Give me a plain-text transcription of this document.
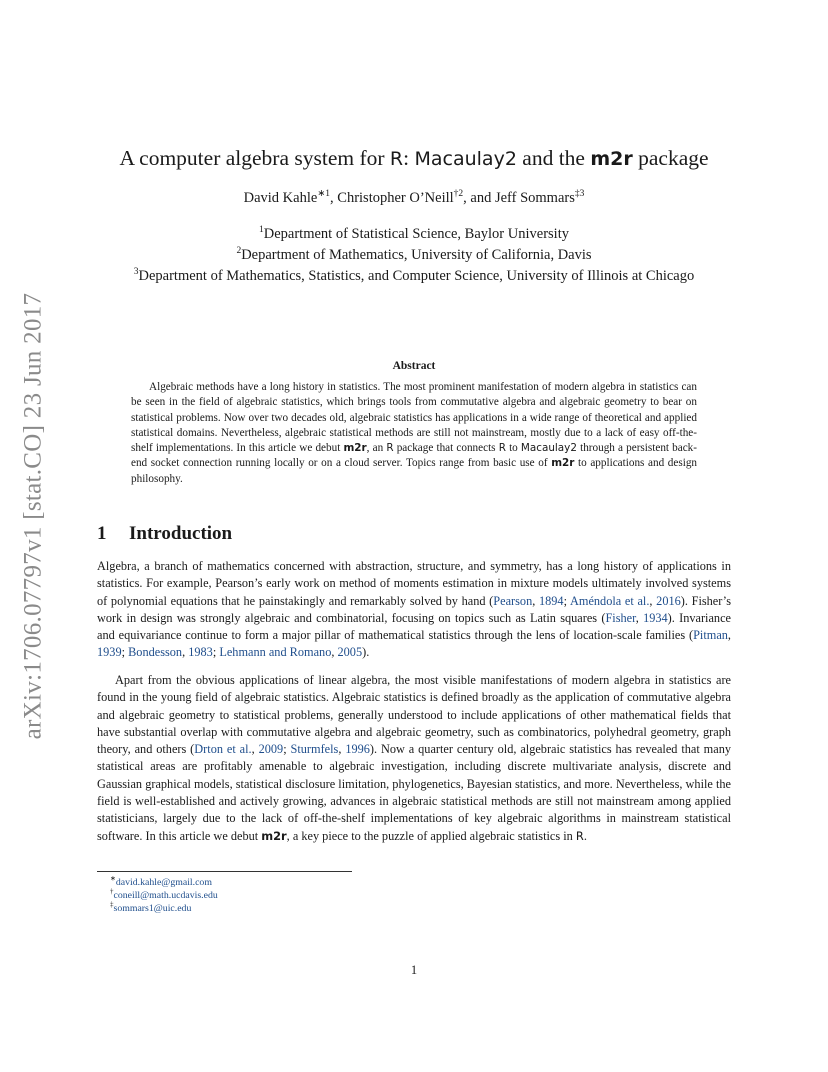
arXiv:1706.07797v1 [stat.CO] 23 Jun 2017
A computer algebra system for R: Macaulay2 and the m2r package
David Kahle$^{∗1}$, Christopher O’Neill$^{\dagger 2}$, and Jeff Sommars$^{\ddagger 3}$
$^1$Department of Statistical Science, Baylor University
$^2$Department of Mathematics, University of California, Davis
$^3$Department of Mathematics, Statistics, and Computer Science, University of Illinois at Chicago
Abstract
Algebraic methods have a long history in statistics. The most prominent manifestation of modern algebra in statistics can be seen in the field of algebraic statistics, which brings tools from commutative algebra and algebraic geometry to bear on statistical problems. Now over two decades old, algebraic statistics has applications in a wide range of theoretical and applied statistical domains. Nevertheless, algebraic statistical methods are still not mainstream, mostly due to a lack of easy off-the-shelf implementations. In this article we debut m2r, an R package that connects R to Macaulay2 through a persistent back-end socket connection running locally or on a cloud server. Topics range from basic use of m2r to applications and design philosophy.
1 Introduction
Algebra, a branch of mathematics concerned with abstraction, structure, and symmetry, has a long history of applications in statistics. For example, Pearson’s early work on method of moments estimation in mixture models ultimately involved systems of polynomial equations that he painstakingly and remarkably solved by hand (Pearson, 1894; Améndola et al., 2016). Fisher’s work in design was strongly algebraic and combinatorial, focusing on topics such as Latin squares (Fisher, 1934). Invariance and equivariance continue to form a major pillar of mathematical statistics through the lens of location-scale families (Pitman, 1939; Bondesson, 1983; Lehmann and Romano, 2005).
Apart from the obvious applications of linear algebra, the most visible manifestations of modern algebra in statistics are found in the young field of algebraic statistics. Algebraic statistics is defined broadly as the application of commutative algebra and algebraic geometry to statistical problems, generally understood to include applications of other mathematical fields that have substantial overlap with commutative algebra and algebraic geometry, such as combinatorics, polyhedral geometry, graph theory, and others (Drton et al., 2009; Sturmfels, 1996). Now a quarter century old, algebraic statistics has revealed that many statistical areas are profitably amenable to algebraic investigation, including discrete multivariate analysis, discrete and Gaussian graphical models, statistical disclosure limitation, phylogenetics, Bayesian statistics, and more. Nevertheless, while the field is well-established and actively growing, advances in algebraic statistical methods are still not mainstream among applied statisticians, largely due to the lack of off-the-shelf implementations of key algebraic algorithms in mainstream statistical software. In this article we debut m2r, a key piece to the puzzle of applied algebraic statistics in R.
∗david.kahle@gmail.com
†coneill@math.ucdavis.edu
‡sommars1@uic.edu
1
